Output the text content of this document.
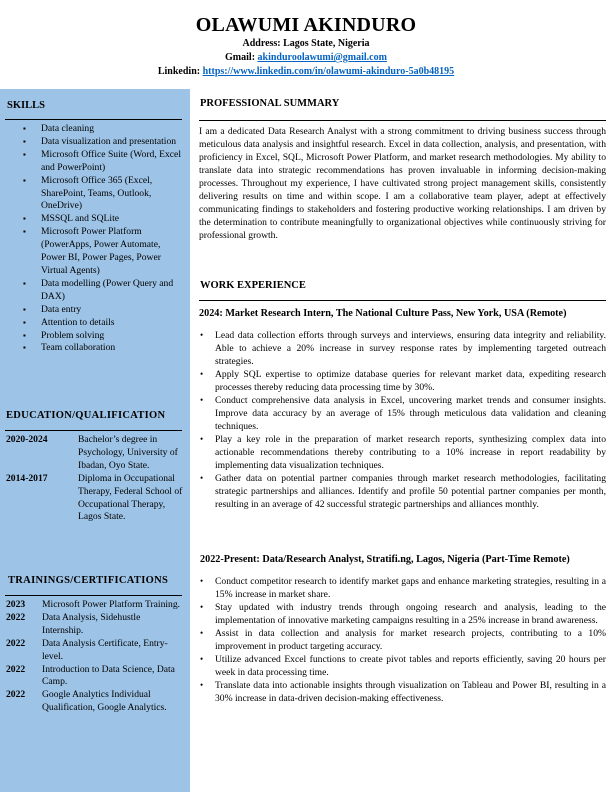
OLAWUMI AKINDURO
Address: Lagos State, Nigeria
Gmail: akinduroolawumi@gmail.com
Linkedin: https://www.linkedin.com/in/olawumi-akinduro-5a0b48195
SKILLS
▪ Data cleaning
▪ Data visualization and presentation
▪ Microsoft Office Suite (Word, Excel and PowerPoint)
▪ Microsoft Office 365 (Excel, SharePoint, Teams, Outlook, OneDrive)
▪ MSSQL and SQLite
▪ Microsoft Power Platform (PowerApps, Power Automate, Power BI, Power Pages, Power Virtual Agents)
▪ Data modelling (Power Query and DAX)
▪ Data entry
▪ Attention to details
▪ Problem solving
▪ Team collaboration
EDUCATION/QUALIFICATION
2020-2024	Bachelor’s degree in Psychology, University of Ibadan, Oyo State.
2014-2017	Diploma in Occupational Therapy, Federal School of Occupational Therapy, Lagos State.
TRAININGS/CERTIFICATIONS
2023	Microsoft Power Platform Training.
2022	Data Analysis, Sidehustle Internship.
2022	Data Analysis Certificate, Entry-level.
2022	Introduction to Data Science, Data Camp.
2022	Google Analytics Individual Qualification, Google Analytics.
PROFESSIONAL SUMMARY

I am a dedicated Data Research Analyst with a strong commitment to driving business success through meticulous data analysis and insightful research. Excel in data collection, analysis, and presentation, with proficiency in Excel, SQL, Microsoft Power Platform, and market research methodologies. My ability to translate data into strategic recommendations has proven invaluable in informing decision-making processes. Throughout my experience, I have cultivated strong project management skills, consistently delivering results on time and within scope. I am a collaborative team player, adept at effectively communicating findings to stakeholders and fostering productive working relationships. I am driven by the determination to contribute meaningfully to organizational objectives while continuously striving for professional growth.

WORK EXPERIENCE
2024: Market Research Intern, The National Culture Pass, New York, USA (Remote)
• Lead data collection efforts through surveys and interviews, ensuring data integrity and reliability. Able to achieve a 20% increase in survey response rates by implementing targeted outreach strategies.
• Apply SQL expertise to optimize database queries for relevant market data, expediting research processes thereby reducing data processing time by 30%.
• Conduct comprehensive data analysis in Excel, uncovering market trends and consumer insights. Improve data accuracy by an average of 15% through meticulous data validation and cleaning techniques.
• Play a key role in the preparation of market research reports, synthesizing complex data into actionable recommendations thereby contributing to a 10% increase in report readability by implementing data visualization techniques.
• Gather data on potential partner companies through market research methodologies, facilitating strategic partnerships and alliances. Identify and profile 50 potential partner companies per month, resulting in an average of 42 successful strategic partnerships and alliances monthly.
2022-Present: Data/Research Analyst, Stratifi.ng, Lagos, Nigeria (Part-Time Remote)
• Conduct competitor research to identify market gaps and enhance marketing strategies, resulting in a 15% increase in market share.
• Stay updated with industry trends through ongoing research and analysis, leading to the implementation of innovative marketing campaigns resulting in a 25% increase in brand awareness.
• Assist in data collection and analysis for market research projects, contributing to a 10% improvement in product targeting accuracy.
• Utilize advanced Excel functions to create pivot tables and reports efficiently, saving 20 hours per week in data processing time.
• Translate data into actionable insights through visualization on Tableau and Power BI, resulting in a 30% increase in data-driven decision-making effectiveness.
